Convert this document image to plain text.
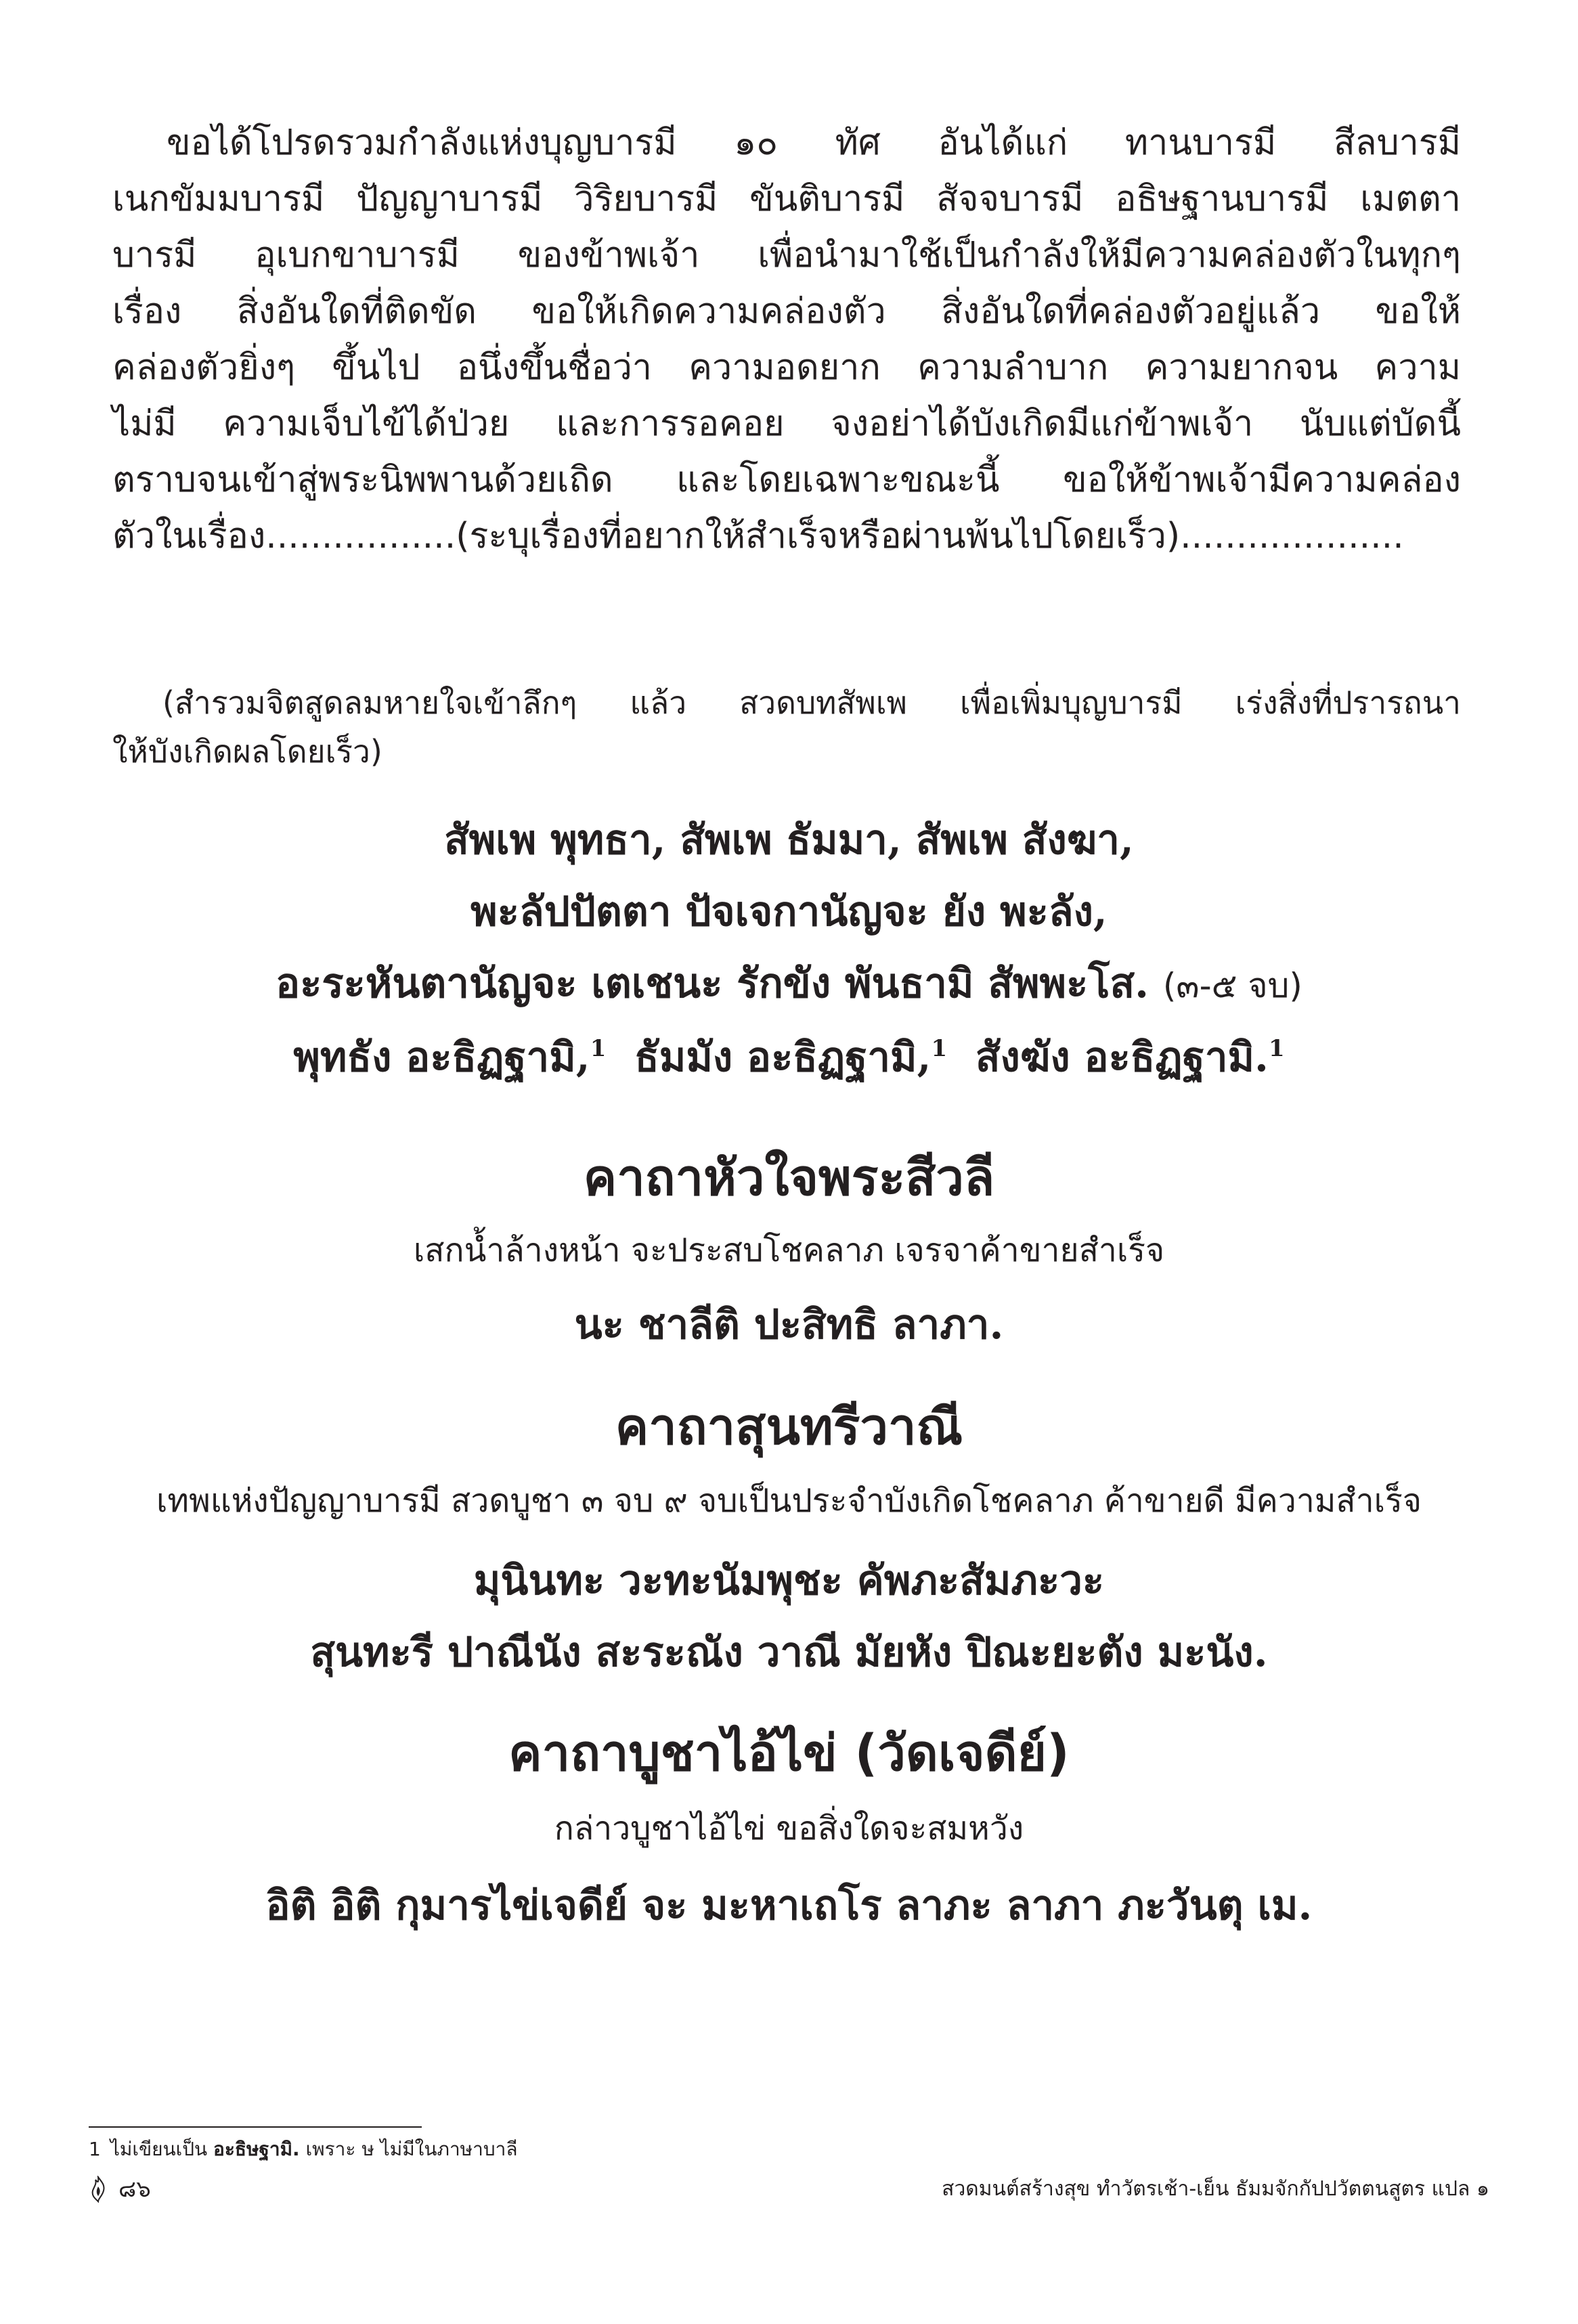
ขอได้โปรดรวมกำลังแห่งบุญบารมี ๑๐ ทัศ อันได้แก่ ทานบารมี สีลบารมี
เนกขัมมบารมี ปัญญาบารมี วิริยบารมี ขันติบารมี สัจจบารมี อธิษฐานบารมี เมตตา
บารมี อุเบกขาบารมี ของข้าพเจ้า เพื่อนำมาใช้เป็นกำลังให้มีความคล่องตัวในทุกๆ
เรื่อง สิ่งอันใดที่ติดขัด ขอให้เกิดความคล่องตัว สิ่งอันใดที่คล่องตัวอยู่แล้ว ขอให้
คล่องตัวยิ่งๆ ขึ้นไป อนึ่งขึ้นชื่อว่า ความอดยาก ความลำบาก ความยากจน ความ
ไม่มี ความเจ็บไข้ได้ป่วย และการรอคอย จงอย่าได้บังเกิดมีแก่ข้าพเจ้า นับแต่บัดนี้
ตราบจนเข้าสู่พระนิพพานด้วยเถิด และโดยเฉพาะขณะนี้ ขอให้ข้าพเจ้ามีความคล่อง
ตัวในเรื่อง.................(ระบุเรื่องที่อยากให้สำเร็จหรือผ่านพ้นไปโดยเร็ว)....................
(สำรวมจิตสูดลมหายใจเข้าลึกๆ แล้ว สวดบทสัพเพ เพื่อเพิ่มบุญบารมี เร่งสิ่งที่ปรารถนา
ให้บังเกิดผลโดยเร็ว)
สัพเพ พุทธา, สัพเพ ธัมมา, สัพเพ สังฆา,
พะลัปปัตตา ปัจเจกานัญจะ ยัง พะลัง,
อะระหันตานัญจะ เตเชนะ รักขัง พันธามิ สัพพะโส. (๓-๕ จบ)
พุทธัง อะธิฏฐามิ,$^1$ ธัมมัง อะธิฏฐามิ,$^1$ สังฆัง อะธิฏฐามิ.$^1$
คาถาหัวใจพระสีวลี
เสกน้ำล้างหน้า จะประสบโชคลาภ เจรจาค้าขายสำเร็จ
นะ ชาลีติ ปะสิทธิ ลาภา.
คาถาสุนทรีวาณี
เทพแห่งปัญญาบารมี สวดบูชา ๓ จบ ๙ จบเป็นประจำบังเกิดโชคลาภ ค้าขายดี มีความสำเร็จ
มุนินทะ วะทะนัมพุชะ คัพภะสัมภะวะ
สุนทะรี ปาณีนัง สะระณัง วาณี มัยหัง ปิณะยะตัง มะนัง.
คาถาบูชาไอ้ไข่ (วัดเจดีย์)
กล่าวบูชาไอ้ไข่ ขอสิ่งใดจะสมหวัง
อิติ อิติ กุมารไข่เจดีย์ จะ มะหาเถโร ลาภะ ลาภา ภะวันตุ เม.
1 ไม่เขียนเป็น อะธิษฐามิ. เพราะ ษ ไม่มีในภาษาบาลี
๘๖	สวดมนต์สร้างสุข ทำวัตรเช้า-เย็น ธัมมจักกัปปวัตตนสูตร แปล ๑
